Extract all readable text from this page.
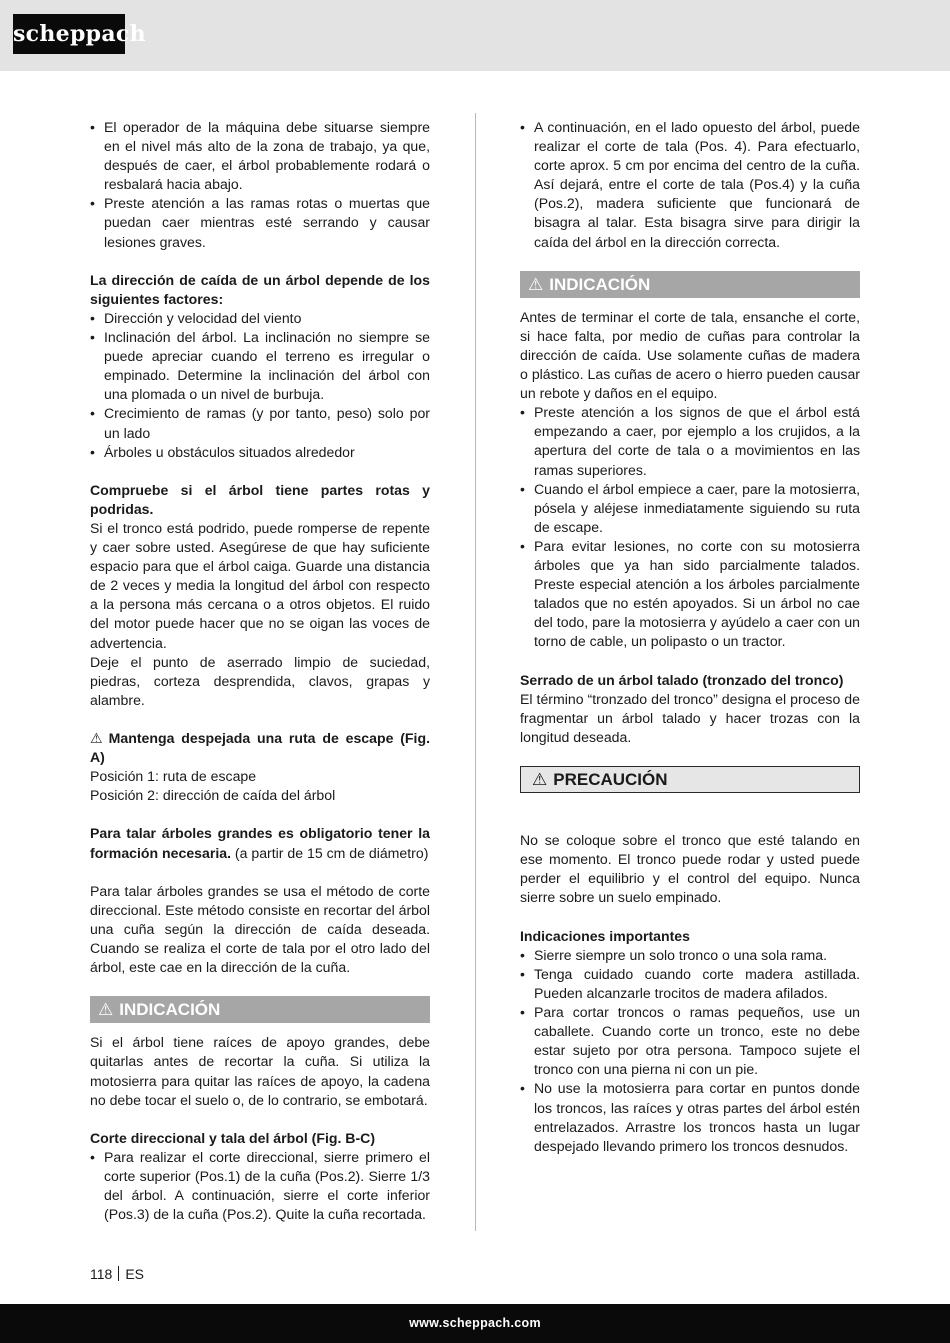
scheppach
• El operador de la máquina debe situarse siempre en el nivel más alto de la zona de trabajo, ya que, después de caer, el árbol probablemente rodará o resbalará hacia abajo.
• Preste atención a las ramas rotas o muertas que puedan caer mientras esté serrando y causar lesiones graves.

La dirección de caída de un árbol depende de los siguientes factores:

• Dirección y velocidad del viento
• Inclinación del árbol. La inclinación no siempre se puede apreciar cuando el terreno es irregular o empinado. Determine la inclinación del árbol con una plomada o un nivel de burbuja.
• Crecimiento de ramas (y por tanto, peso) solo por un lado
• Árboles u obstáculos situados alrededor

Compruebe si el árbol tiene partes rotas y podridas.

Si el tronco está podrido, puede romperse de repente y caer sobre usted. Asegúrese de que hay suficiente espacio para que el árbol caiga. Guarde una distancia de 2 veces y media la longitud del árbol con respecto a la persona más cercana o a otros objetos. El ruido del motor puede hacer que no se oigan las voces de advertencia.

Deje el punto de aserrado limpio de suciedad, piedras, corteza desprendida, clavos, grapas y alambre.

⚠ Mantenga despejada una ruta de escape (Fig. A)

Posición 1: ruta de escape

Posición 2: dirección de caída del árbol

Para talar árboles grandes es obligatorio tener la formación necesaria. (a partir de 15 cm de diámetro)

Para talar árboles grandes se usa el método de corte direccional. Este método consiste en recortar del árbol una cuña según la dirección de caída deseada. Cuando se realiza el corte de tala por el otro lado del árbol, este cae en la dirección de la cuña.

⚠ INDICACIÓN

Si el árbol tiene raíces de apoyo grandes, debe quitarlas antes de recortar la cuña. Si utiliza la motosierra para quitar las raíces de apoyo, la cadena no debe tocar el suelo o, de lo contrario, se embotará.

Corte direccional y tala del árbol (Fig. B-C)

• Para realizar el corte direccional, sierre primero el corte superior (Pos.1) de la cuña (Pos.2). Sierre 1/3 del árbol. A continuación, sierre el corte inferior (Pos.3) de la cuña (Pos.2). Quite la cuña recortada.
• A continuación, en el lado opuesto del árbol, puede realizar el corte de tala (Pos. 4). Para efectuarlo, corte aprox. 5 cm por encima del centro de la cuña. Así dejará, entre el corte de tala (Pos.4) y la cuña (Pos.2), madera suficiente que funcionará de bisagra al talar. Esta bisagra sirve para dirigir la caída del árbol en la dirección correcta.
⚠ INDICACIÓN

Antes de terminar el corte de tala, ensanche el corte, si hace falta, por medio de cuñas para controlar la dirección de caída. Use solamente cuñas de madera o plástico. Las cuñas de acero o hierro pueden causar un rebote y daños en el equipo.

• Preste atención a los signos de que el árbol está empezando a caer, por ejemplo a los crujidos, a la apertura del corte de tala o a movimientos en las ramas superiores.
• Cuando el árbol empiece a caer, pare la motosierra, pósela y aléjese inmediatamente siguiendo su ruta de escape.
• Para evitar lesiones, no corte con su motosierra árboles que ya han sido parcialmente talados. Preste especial atención a los árboles parcialmente talados que no estén apoyados. Si un árbol no cae del todo, pare la motosierra y ayúdelo a caer con un torno de cable, un polipasto o un tractor.

Serrado de un árbol talado (tronzado del tronco)

El término “tronzado del tronco” designa el proceso de fragmentar un árbol talado y hacer trozas con la longitud deseada.

⚠ PRECAUCIÓN

No se coloque sobre el tronco que esté talando en ese momento. El tronco puede rodar y usted puede perder el equilibrio y el control del equipo. Nunca sierre sobre un suelo empinado.

Indicaciones importantes

• Sierre siempre un solo tronco o una sola rama.
• Tenga cuidado cuando corte madera astillada. Pueden alcanzarle trocitos de madera afilados.
• Para cortar troncos o ramas pequeños, use un caballete. Cuando corte un tronco, este no debe estar sujeto por otra persona. Tampoco sujete el tronco con una pierna ni con un pie.
• No use la motosierra para cortar en puntos donde los troncos, las raíces y otras partes del árbol estén entrelazados. Arrastre los troncos hasta un lugar despejado llevando primero los troncos desnudos.
118 ES
www.scheppach.com
